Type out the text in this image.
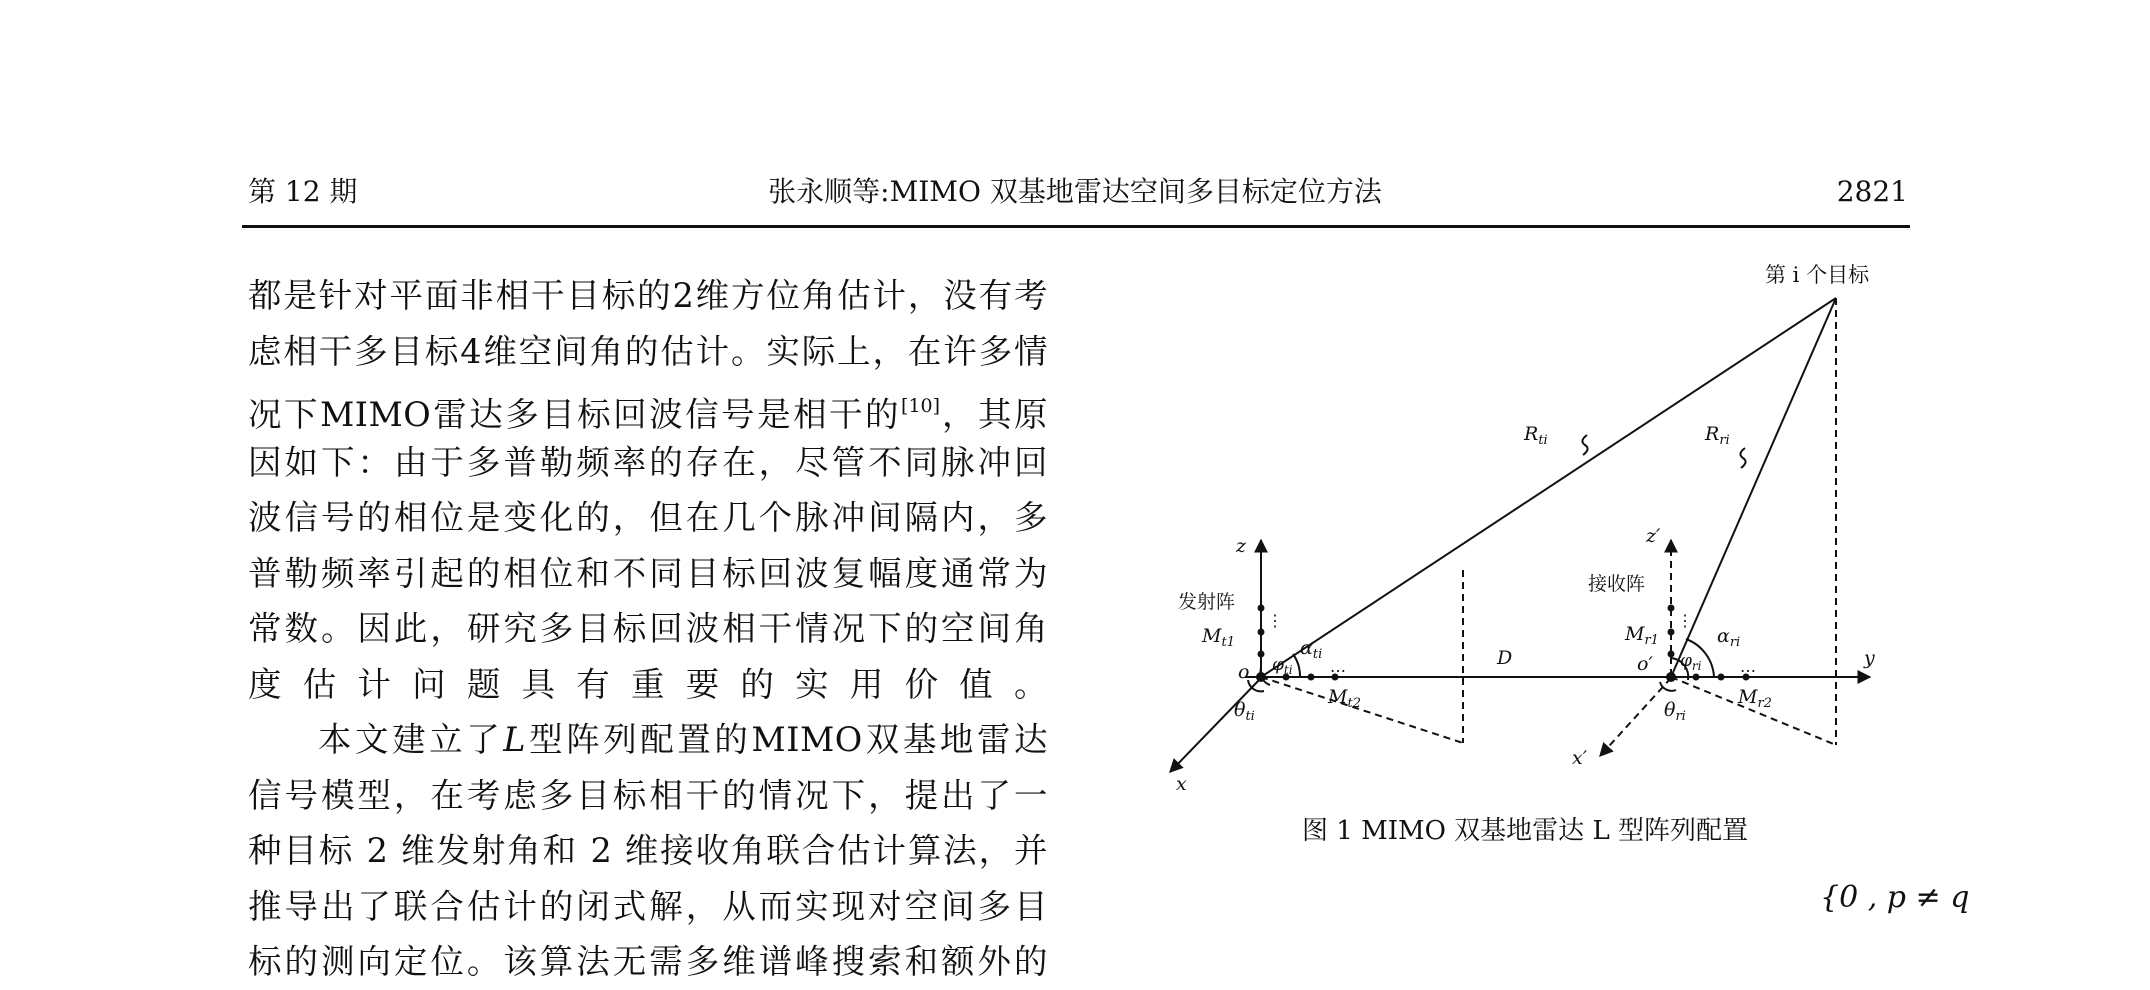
第 12 期	张永顺等:MIMO 双基地雷达空间多目标定位方法	2821
都是针对平面非相干目标的2维方位角估计，没有考
虑相干多目标4维空间角的估计。实际上，在许多情
况下MIMO雷达多目标回波信号是相干的[10]，其原
因如下：由于多普勒频率的存在，尽管不同脉冲回
波信号的相位是变化的，但在几个脉冲间隔内，多
普勒频率引起的相位和不同目标回波复幅度通常为
常数。因此，研究多目标回波相干情况下的空间角
度估计问题具有重要的实用价值。
本文建立了L型阵列配置的MIMO双基地雷达
信号模型，在考虑多目标相干的情况下，提出了一
种目标 2 维发射角和 2 维接收角联合估计算法，并
推导出了联合估计的闭式解，从而实现对空间多目
标的测向定位。该算法无需多维谱峰搜索和额外的
第 i 个目标
$R_{ti}$	$R_{ri}$
z	z′
x
x′
y
o	o′
D
发射阵
接收阵
⋮	⋮
$M_{t1}$
$M_{t2}$
$M_{r1}$
$M_{r2}$
…	…
$\alpha_{ti}$
$\alpha_{ri}$
$\varphi_{ti}$	$\varphi_{ri}$
$\theta_{ti}$	$\theta_{ri}$
图 1 MIMO 双基地雷达 L 型阵列配置
{0 , p ≠ q
